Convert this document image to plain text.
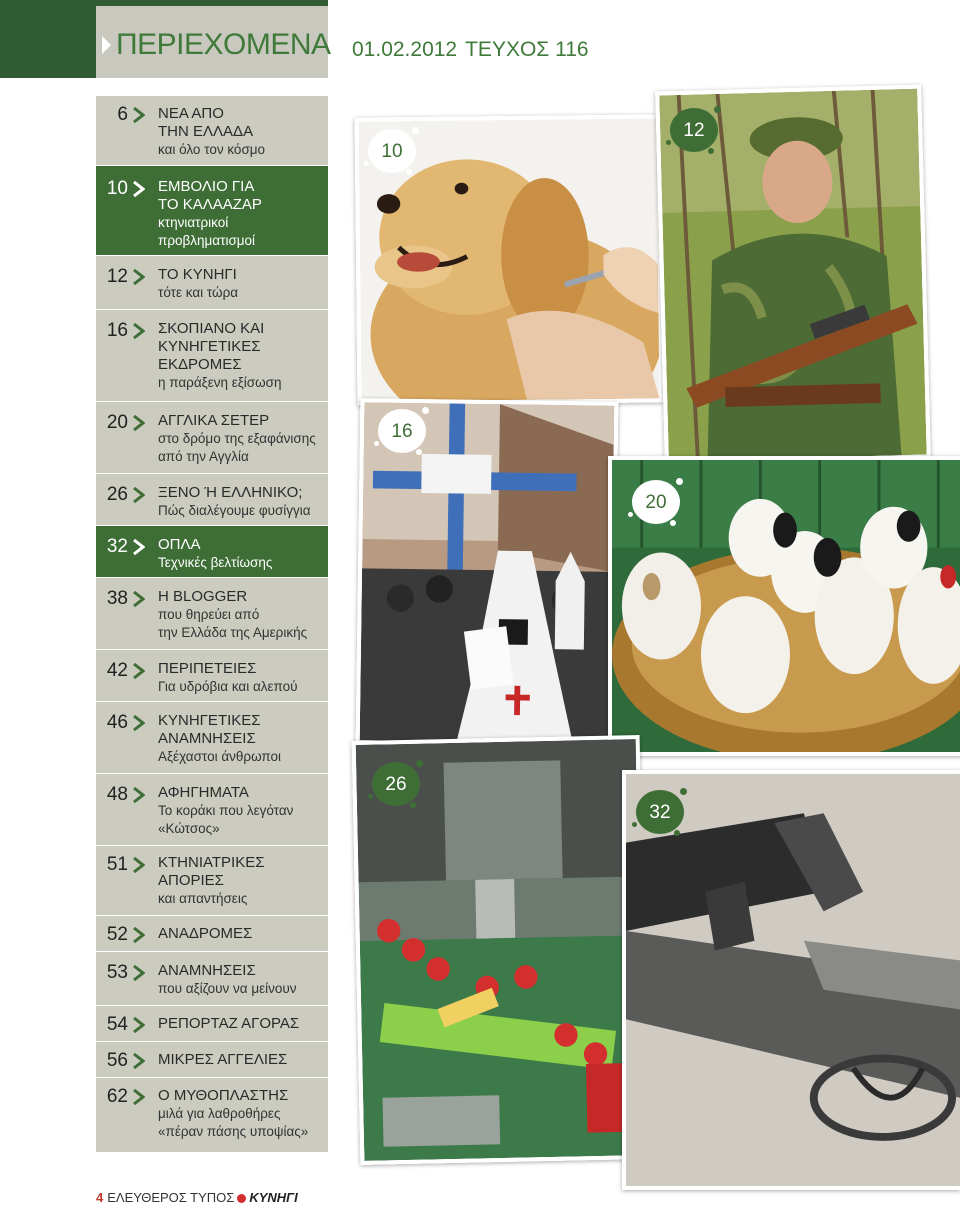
ΠΕΡΙΕΧΟΜΕΝΑ 01.02.2012 ΤΕΥΧΟΣ 116
6 ΝΕΑ ΑΠΟ
ΤΗΝ ΕΛΛΑΔΑ
και όλο τον κόσμο
10 ΕΜΒΟΛΙΟ ΓΙΑ
ΤΟ ΚΑΛΑΑΖΑΡ
κτηνιατρικοί
προβληματισμοί
12 ΤΟ ΚΥΝΗΓΙ
τότε και τώρα
16 ΣΚΟΠΙΑΝΟ ΚΑΙ
ΚΥΝΗΓΕΤΙΚΕΣ
ΕΚΔΡΟΜΕΣ
η παράξενη εξίσωση
20 ΑΓΓΛΙΚΑ ΣΕΤΕΡ
στο δρόμο της εξαφάνισης
από την Αγγλία
26 ΞΕΝΟ Ή ΕΛΛΗΝΙΚΟ;
Πώς διαλέγουμε φυσίγγια
32 ΟΠΛΑ
Τεχνικές βελτίωσης
38 Η BLOGGER
που θηρεύει από
την Ελλάδα της Αμερικής
42 ΠΕΡΙΠΕΤΕΙΕΣ
Για υδρόβια και αλεπού
46 ΚΥΝΗΓΕΤΙΚΕΣ
ΑΝΑΜΝΗΣΕΙΣ
Αξέχαστοι άνθρωποι
48 ΑΦΗΓΗΜΑΤΑ
Το κοράκι που λεγόταν
«Κώτσος»
51 ΚΤΗΝΙΑΤΡΙΚΕΣ
ΑΠΟΡΙΕΣ
και απαντήσεις
52 ΑΝΑΔΡΟΜΕΣ
53 ΑΝΑΜΝΗΣΕΙΣ
που αξίζουν να μείνουν
54 ΡΕΠΟΡΤΑΖ ΑΓΟΡΑΣ
56 ΜΙΚΡΕΣ ΑΓΓΕΛΙΕΣ
62 Ο ΜΥΘΟΠΛΑΣΤΗΣ
μιλά για λαθροθήρες
«πέραν πάσης υποψίας»
4 ΕΛΕΥΘΕΡΟΣ ΤΥΠΟΣ ΚΥΝΗΓΙ
10
12
16
20
26
32
